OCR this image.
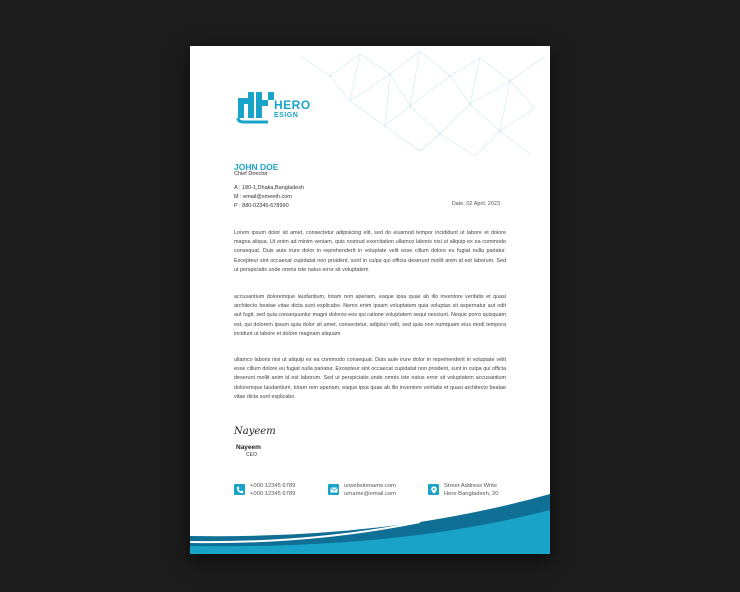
HERO
ESIGN
JOHN DOE
Chief Director
A : 180-1,Dhaka,Bangladesh
M : email@smeeth.com
P : 880-02345-678990	Date, 02 April, 2023

Lorem ipsum dolor sit amet, consectetur adipisicing elit, sed do eiusmod tempor incididunt ut labore et dolore magna aliqua. Ut enim ad minim veniam, quis nostrud exercitation ullamco laboris nisi ut aliquip ex ea commodo consequat. Duis aute irure dolor in reprehenderit in voluptate velit esse cillum dolore eu fugiat nulla pariatur. Excepteur sint occaecat cupidatat non proident, sunt in culpa qui officia deserunt mollit anim id est laborum. Sed ut perspiciatis unde omnis iste natus error sit voluptatem

accusantium doloremque laudantium, totam rem aperiam, eaque ipsa quae ab illo inventore veritatis et quasi architecto beatae vitae dicta sunt explicabo. Nemo enim ipsam voluptatem quia voluptas sit aspernatur aut odit aut fugit, sed quia consequuntur magni dolores eos qui ratione voluptatem sequi nesciunt. Neque porro quisquam est, qui dolorem ipsum quia dolor sit amet, consectetur, adipisci velit, sed quia non numquam eius modi tempora incidunt ut labore et dolore magnam aliquam

ullamco laboris nisi ut aliquip ex ea commodo consequat. Duis aute irure dolor in reprehenderit in voluptate velit esse cillum dolore eu fugiat nulla pariatur. Excepteur sint occaecat cupidatat non proident, sunt in culpa qui officia deserunt mollit anim id est laborum. Sed ut perspiciatis unde omnis iste natus error sit voluptatem accusantium doloremque laudantium, totam rem aperiam, eaque ipsa quae ab illo inventore veritatis et quasi architecto beatae vitae dicta sunt explicabo.

Nayeem
Nayeem
CEO
+000 12345 6789
+000 12345 6789
urwebsitename.com
urname@email.com
Street Address Write
Here Bangladesh, 20
